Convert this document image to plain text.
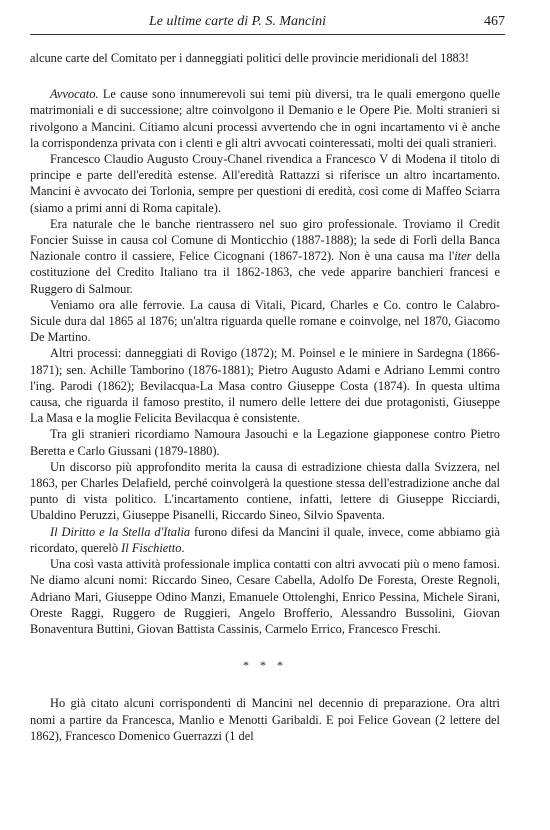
Le ultime carte di P. S. Mancini	467

alcune carte del Comitato per i danneggiati politici delle provincie meridionali del 1883!

Avvocato. Le cause sono innumerevoli sui temi più diversi, tra le quali emergono quelle matrimoniali e di successione; altre coinvolgono il Demanio e le Opere Pie. Molti stranieri si rivolgono a Mancini. Citiamo alcuni processi avvertendo che in ogni incartamento vi è anche la corrispondenza privata con i clenti e gli altri avvocati cointeressati, molti dei quali stranieri.

Francesco Claudio Augusto Crouy-Chanel rivendica a Francesco V di Modena il titolo di principe e parte dell'eredità estense. All'eredità Rattazzi si riferisce un altro incartamento. Mancini è avvocato dei Torlonia, sempre per questioni di eredità, così come di Maffeo Sciarra (siamo a primi anni di Roma capitale).

Era naturale che le banche rientrassero nel suo giro professionale. Troviamo il Credit Foncier Suisse in causa col Comune di Monticchio (1887-1888); la sede di Forlì della Banca Nazionale contro il cassiere, Felice Cicognani (1867-1872). Non è una causa ma l'iter della costituzione del Credito Italiano tra il 1862-1863, che vede apparire banchieri francesi e Ruggero di Salmour.

Veniamo ora alle ferrovie. La causa di Vitali, Picard, Charles e Co. contro le Calabro-Sicule dura dal 1865 al 1876; un'altra riguarda quelle romane e coinvolge, nel 1870, Giacomo De Martino.

Altri processi: danneggiati di Rovigo (1872); M. Poinsel e le miniere in Sardegna (1866-1871); sen. Achille Tamborino (1876-1881); Pietro Augusto Adami e Adriano Lemmi contro l'ing. Parodi (1862); Bevilacqua-La Masa contro Giuseppe Costa (1874). In questa ultima causa, che riguarda il famoso prestito, il numero delle lettere dei due protagonisti, Giuseppe La Masa e la moglie Felicita Bevilacqua è consistente.

Tra gli stranieri ricordiamo Namoura Jasouchi e la Legazione giapponese contro Pietro Beretta e Carlo Giussani (1879-1880).

Un discorso più approfondito merita la causa di estradizione chiesta dalla Svizzera, nel 1863, per Charles Delafield, perché coinvolgerà la questione stessa dell'estradizione anche dal punto di vista politico. L'incartamento contiene, infatti, lettere di Giuseppe Ricciardi, Ubaldino Peruzzi, Giuseppe Pisanelli, Riccardo Sineo, Silvio Spaventa.

Il Diritto e la Stella d'Italia furono difesi da Mancini il quale, invece, come abbiamo già ricordato, querelò Il Fischietto.

Una così vasta attività professionale implica contatti con altri avvocati più o meno famosi. Ne diamo alcuni nomi: Riccardo Sineo, Cesare Cabella, Adolfo De Foresta, Oreste Regnoli, Adriano Mari, Giuseppe Odino Manzi, Emanuele Ottolenghi, Enrico Pessina, Michele Sirani, Oreste Raggi, Ruggero de Ruggieri, Angelo Brofferio, Alessandro Bussolini, Giovan Bonaventura Buttini, Giovan Battista Cassinis, Carmelo Errico, Francesco Freschi.

* * *

Ho già citato alcuni corrispondenti di Mancini nel decennio di preparazione. Ora altri nomi a partire da Francesca, Manlio e Menotti Garibaldi. E poi Felice Govean (2 lettere del 1862), Francesco Domenico Guerrazzi (1 del
